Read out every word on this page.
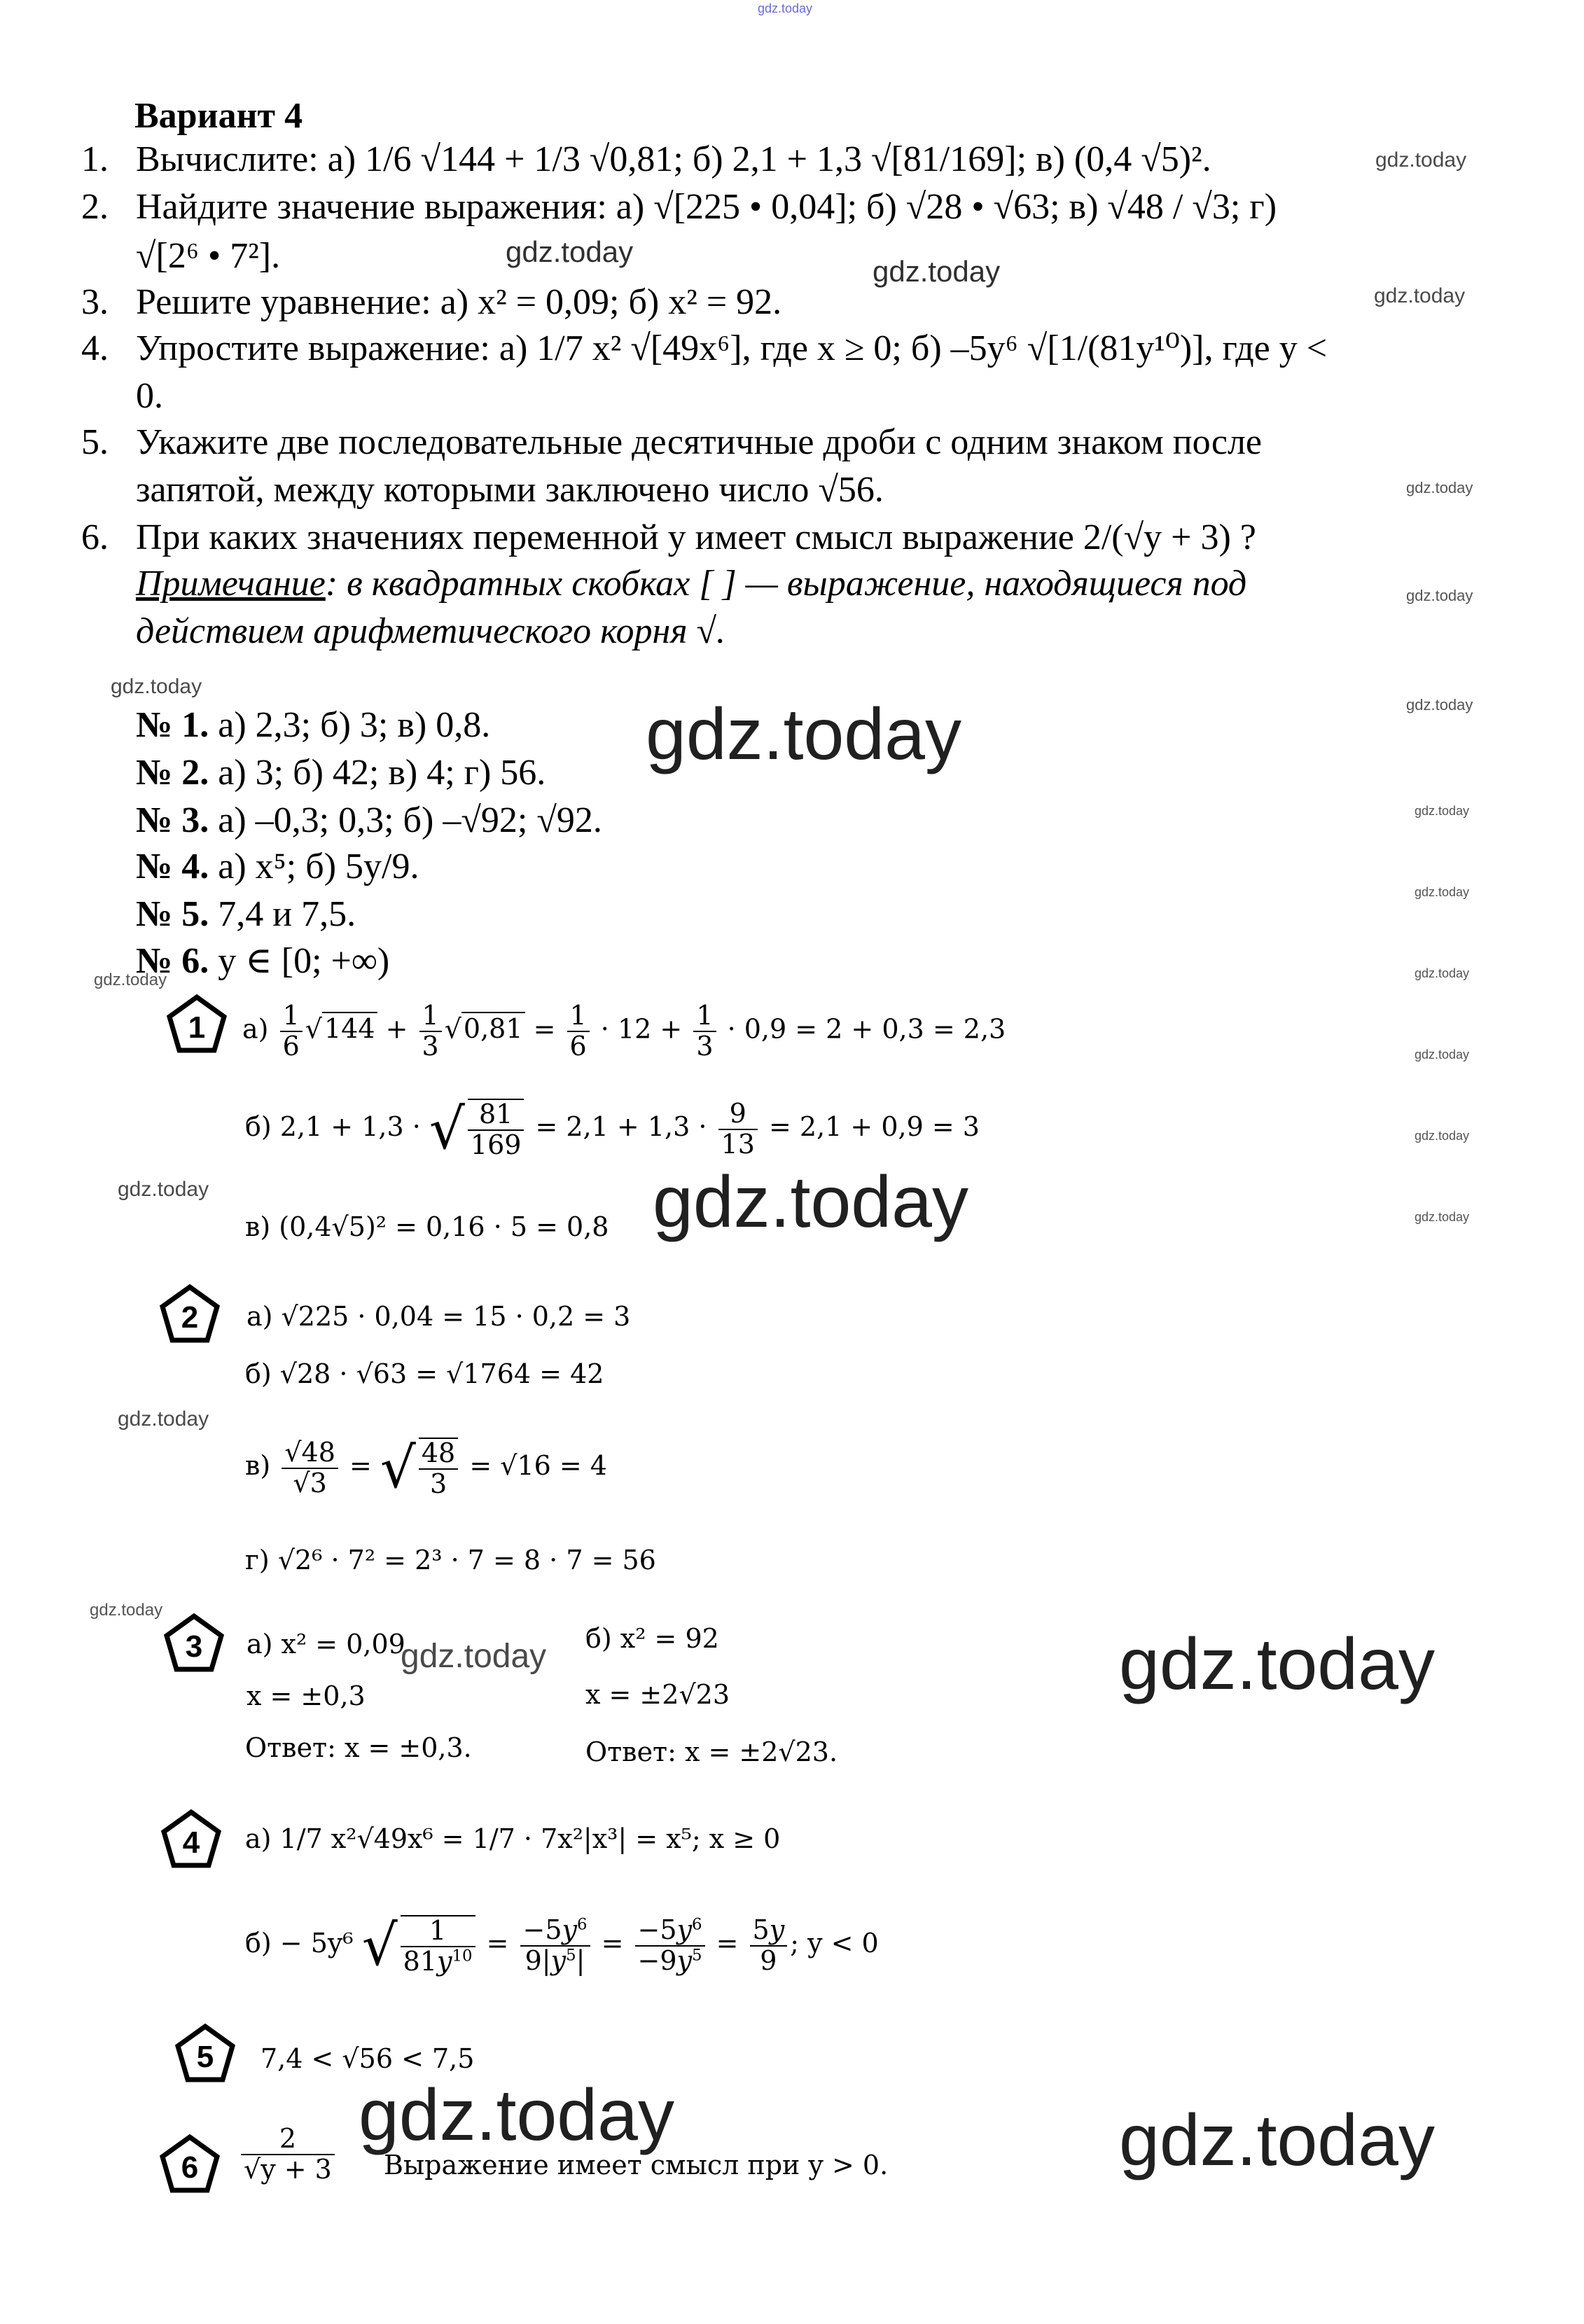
gdz.today
Вариант 4
1. Вычислите: а) 1/6 √144 + 1/3 √0,81; б) 2,1 + 1,3 √[81/169]; в) (0,4 √5)².
2. Найдите значение выражения: а) √[225 • 0,04]; б) √28 • √63; в) √48 / √3; г)
√[2⁶ • 7²].
3. Решите уравнение: а) x² = 0,09; б) x² = 92.
4. Упростите выражение: а) 1/7 x² √[49x⁶], где x ≥ 0; б) –5y⁶ √[1/(81y¹⁰)], где y <
0.
5. Укажите две последовательные десятичные дроби с одним знаком после
запятой, между которыми заключено число √56.
6. При каких значениях переменной y имеет смысл выражение 2/(√y + 3) ?
Примечание: в квадратных скобках [ ] — выражение, находящиеся под
действием арифметического корня √.
№ 1. а) 2,3; б) 3; в) 0,8.
№ 2. а) 3; б) 42; в) 4; г) 56.
№ 3. а) –0,3; 0,3; б) –√92; √92.
№ 4. а) x⁵; б) 5y/9.
№ 5. 7,4 и 7,5.
№ 6. y ∈ [0; +∞)
1
2
3
4
5
6
$а) \frac{1}{6} √144 + \frac{1}{3} √0,81 = \frac{1}{6} \cdot 12 + \frac{1}{3} \cdot 0,9 = 2 + 0,3 = 2,3$
б) 2,1 + 1,3 · √ $\frac{81}{169} = 2,1 + 1,3 \cdot \frac{9}{13} = 2,1 + 0,9 = 3$
в) (0,4√5)² = 0,16 · 5 = 0,8
а) √225 · 0,04 = 15 · 0,2 = 3
б) √28 · √63 = √1764 = 42
$в) \frac{√48}{√3}$ = √ $\frac{48}{3} = √16 = 4$
г) √2⁶ · 7² = 2³ · 7 = 8 · 7 = 56
а) x² = 0,09
x = ±0,3
Ответ: x = ±0,3.
б) x² = 92
x = ±2√23
Ответ: x = ±2√23.
а) 1/7 x²√49x⁶ = 1/7 · 7x²|x³| = x⁵; x ≥ 0
б) − 5y⁶ √ $\frac{1}{81y^{10}} = \frac{-5y^6}{9|y^5|} = \frac{-5y^6}{-9y^5} = \frac{5y}{9}$ ; y < 0
7,4 < √56 < 7,5
$\frac{2}{√y + 3}$ Выражение имеет смысл при y > 0.
gdz.today
gdz.today
gdz.today
gdz.today
gdz.today
gdz.today
gdz.today
gdz.today
gdz.today
gdz.today
gdz.today
gdz.today	gdz.today
gdz.today
gdz.today
gdz.today	gdz.today	gdz.today
gdz.today
gdz.today
gdz.today	gdz.today
gdz.today	gdz.today
